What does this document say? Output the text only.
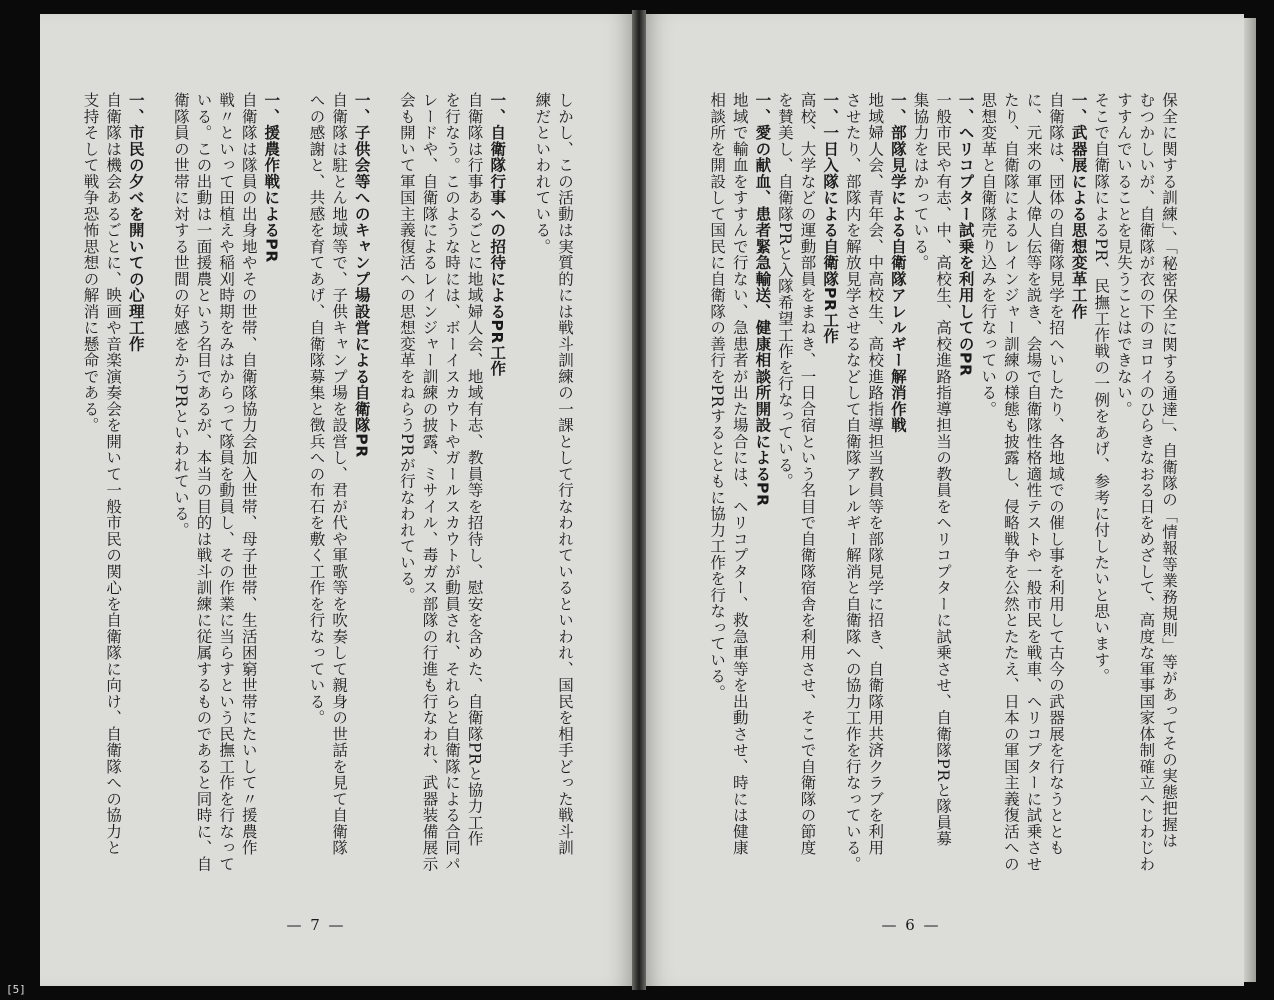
しかし、この活動は実質的には戦斗訓練の一課として行なわれているといわれ、国民を相手どった戦斗訓
練だといわれている。

一、自衛隊行事への招待によるPR工作
自衛隊は行事あるごとに地域婦人会、地域有志、教員等を招待し、慰安を含めた、自衛隊PRと協力工作
を行なう。このような時には、ボーイスカウトやガールスカウトが動員され、それらと自衛隊による合同パ
レードや、自衛隊によるレインジャー訓練の披露、ミサイル、毒ガス部隊の行進も行なわれ、武器装備展示
会も開いて軍国主義復活への思想変革をねらうPRが行なわれている。

一、子供会等へのキャンプ場設営による自衛隊PR
自衛隊は駐とん地域等で、子供キャンプ場を設営し、君が代や軍歌等を吹奏して親身の世話を見て自衛隊
への感謝と、共感を育てあげ、自衛隊募集と徴兵への布石を敷く工作を行なっている。

一、援農作戦によるPR
自衛隊は隊員の出身地やその世帯、自衛隊協力会加入世帯、母子世帯、生活困窮世帯にたいして〃援農作
戦〃といって田植えや稲刈時期をみはからって隊員を動員し、その作業に当らすという民撫工作を行なって
いる。この出動は一面援農という名目であるが、本当の目的は戦斗訓練に従属するものであると同時に、自
衛隊員の世帯に対する世間の好感をかうPRといわれている。

一、市民の夕べを開いての心理工作
自衛隊は機会あるごとに、映画や音楽演奏会を開いて一般市民の関心を自衛隊に向け、自衛隊への協力と
支持そして戦争恐怖思想の解消に懸命である。
— 7 —
保全に関する訓練」、「秘密保全に関する通達」、自衛隊の「情報等業務規則」等があってその実態把握は
むつかしいが、自衛隊が衣の下のヨロイのひらきなおる日をめざして、高度な軍事国家体制確立へじわじわ
すすんでいることを見失うことはできない。
そこで自衛隊によるPR、民撫工作戦の一例をあげ、参考に付したいと思います。
一、武器展による思想変革工作
自衛隊は、団体の自衛隊見学を招へいしたり、各地域での催し事を利用して古今の武器展を行なうととも
に、元来の軍人偉人伝等を説き、会場で自衛隊性格適性テストや一般市民を戦車、ヘリコプターに試乗させ
たり、自衛隊によるレインジャー訓練の様態も披露し、侵略戦争を公然とたたえ、日本の軍国主義復活への
思想変革と自衛隊売り込みを行なっている。
一、ヘリコプター試乗を利用してのPR
一般市民や有志、中、高校生、高校進路指導担当の教員をヘリコプターに試乗させ、自衛隊PRと隊員募
集協力をはかっている。
一、部隊見学による自衛隊アレルギー解消作戦
地域婦人会、青年会、中高校生、高校進路指導担当教員等を部隊見学に招き、自衛隊用共済クラブを利用
させたり、部隊内を解放見学させるなどして自衛隊アレルギー解消と自衛隊への協力工作を行なっている。
一、一日入隊による自衛隊PR工作
高校、大学などの運動部員をまねき、一日合宿という名目で自衛隊宿舎を利用させ、そこで自衛隊の節度
を賛美し、自衛隊PRと入隊希望工作を行なっている。
一、愛の献血、患者緊急輸送、健康相談所開設によるPR
地域で輸血をすすんで行ない、急患者が出た場合には、ヘリコプター、救急車等を出動させ、時には健康
相談所を開設して国民に自衛隊の善行をPRするとともに協力工作を行なっている。
— 6 —
[5]
